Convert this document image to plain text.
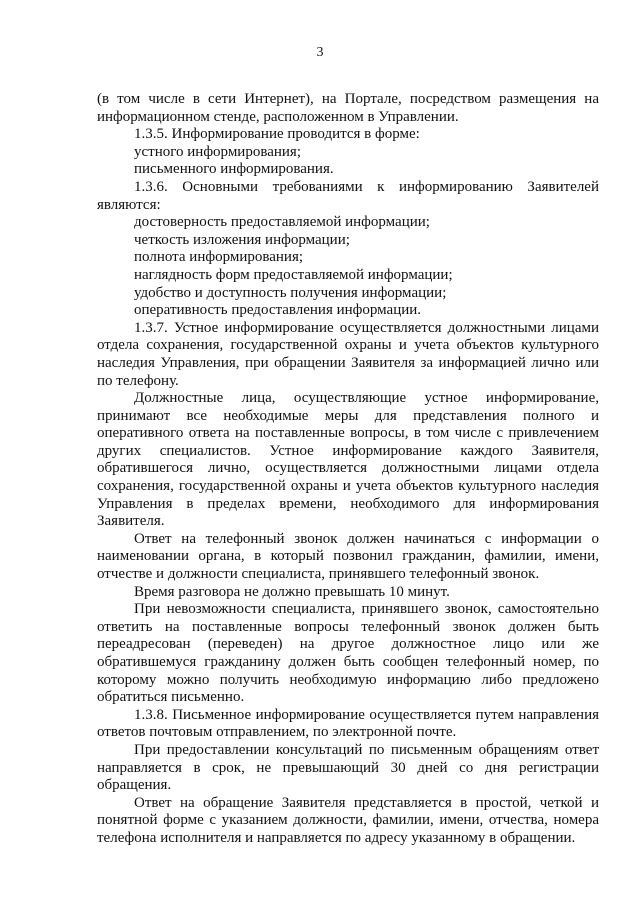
3

(в том числе в сети Интернет), на Портале, посредством размещения на информационном стенде, расположенном в Управлении.

1.3.5. Информирование проводится в форме:

устного информирования;

письменного информирования.

1.3.6. Основными требованиями к информированию Заявителей являются:

достоверность предоставляемой информации;

четкость изложения информации;

полнота информирования;

наглядность форм предоставляемой информации;

удобство и доступность получения информации;

оперативность предоставления информации.

1.3.7. Устное информирование осуществляется должностными лицами отдела сохранения, государственной охраны и учета объектов культурного наследия Управления, при обращении Заявителя за информацией лично или по телефону.

Должностные лица, осуществляющие устное информирование, принимают все необходимые меры для представления полного и оперативного ответа на поставленные вопросы, в том числе с привлечением других специалистов. Устное информирование каждого Заявителя, обратившегося лично, осуществляется должностными лицами отдела сохранения, государственной охраны и учета объектов культурного наследия Управления в пределах времени, необходимого для информирования Заявителя.

Ответ на телефонный звонок должен начинаться с информации о наименовании органа, в который позвонил гражданин, фамилии, имени, отчестве и должности специалиста, принявшего телефонный звонок.

Время разговора не должно превышать 10 минут.

При невозможности специалиста, принявшего звонок, самостоятельно ответить на поставленные вопросы телефонный звонок должен быть переадресован (переведен) на другое должностное лицо или же обратившемуся гражданину должен быть сообщен телефонный номер, по которому можно получить необходимую информацию либо предложено обратиться письменно.

1.3.8. Письменное информирование осуществляется путем направления ответов почтовым отправлением, по электронной почте.

При предоставлении консультаций по письменным обращениям ответ направляется в срок, не превышающий 30 дней со дня регистрации обращения.

Ответ на обращение Заявителя представляется в простой, четкой и понятной форме с указанием должности, фамилии, имени, отчества, номера телефона исполнителя и направляется по адресу указанному в обращении.
